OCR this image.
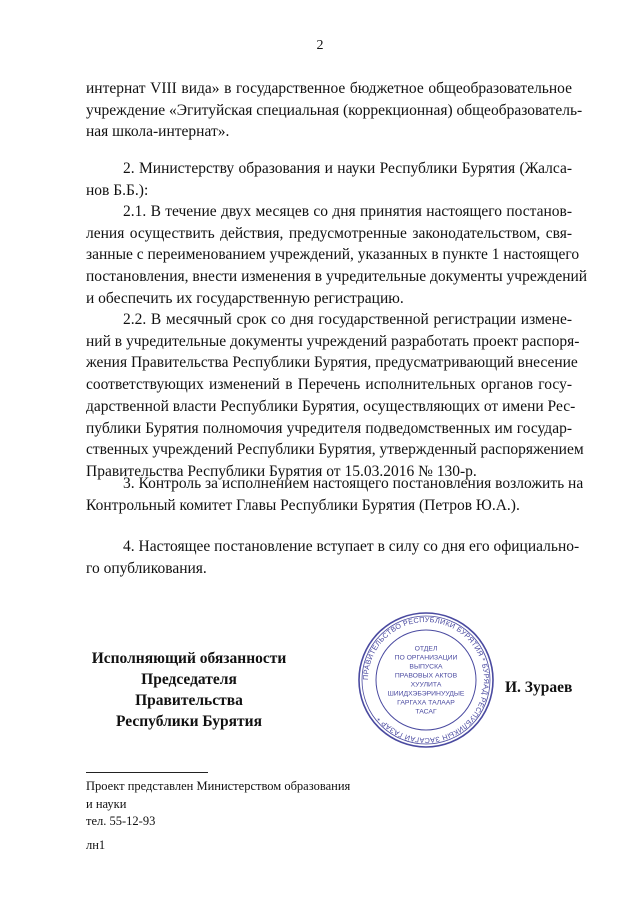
2
интернат VIII вида» в государственное бюджетное общеобразовательное
учреждение «Эгитуйская специальная (коррекционная) общеобразователь-
ная школа-интернат».
2. Министерству образования и науки Республики Бурятия (Жалса-
нов Б.Б.):
2.1. В течение двух месяцев со дня принятия настоящего постанов-
ления осуществить действия, предусмотренные законодательством, свя-
занные с переименованием учреждений, указанных в пункте 1 настоящего
постановления, внести изменения в учредительные документы учреждений
и обеспечить их государственную регистрацию.
2.2. В месячный срок со дня государственной регистрации измене-
ний в учредительные документы учреждений разработать проект распоря-
жения Правительства Республики Бурятия, предусматривающий внесение
соответствующих изменений в Перечень исполнительных органов госу-
дарственной власти Республики Бурятия, осуществляющих от имени Рес-
публики Бурятия полномочия учредителя подведомственных им государ-
ственных учреждений Республики Бурятия, утвержденный распоряжением
Правительства Республики Бурятия от 15.03.2016 № 130-р.
3. Контроль за исполнением настоящего постановления возложить на
Контрольный комитет Главы Республики Бурятия (Петров Ю.А.).
4. Настоящее постановление вступает в силу со дня его официально-
го опубликования.
Исполняющий обязанности
Председателя Правительства
Республики Бурятия
ПРАВИТЕЛЬСТВО РЕСПУБЛИКИ БУРЯТИЯ * БУРЯАД РЕСПУБЛИКЫН ЗАСАГАЙ ГАЗАР *
ОТДЕЛ
ПО ОРГАНИЗАЦИИ
ВЫПУСКА
ПРАВОВЫХ АКТОВ
ХУУЛИТА
ШИИДХЭБЭРИНУУДЫЕ
ГАРГАХА ТАЛААР
ТАСАГ
И. Зураев
Проект представлен Министерством образования
и науки
тел. 55-12-93
лн1
